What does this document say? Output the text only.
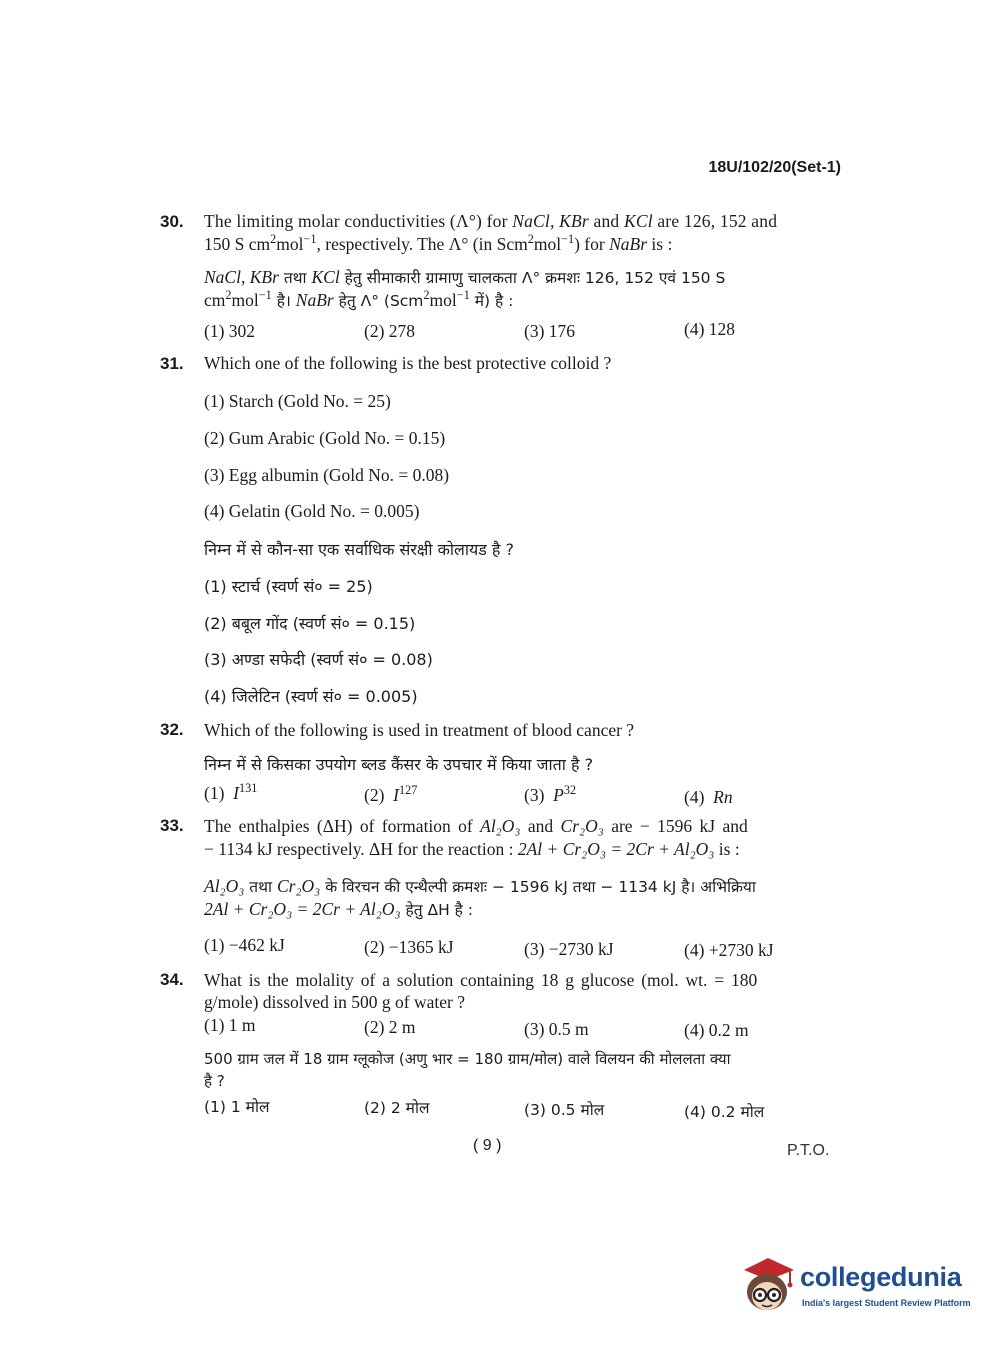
18U/102/20(Set-1)
30. The limiting molar conductivities (Λ°) for NaCl, KBr and KCl are 126, 152 and
150 S $cm^2mol^{-1}$, respectively. The Λ° (in Scm$^2$mol$^{-1}$) for NaBr is :
NaCl, KBr तथा KCl हेतु सीमाकारी ग्रामाणु चालकता Λ° क्रमशः 126, 152 एवं 150 S
$cm^2mol^{-1}$ है। NaBr हेतु Λ° (Scm$^2$mol$^{-1}$ में) है :
(1) 302	(2) 278	(3) 176	(4) 128
31. Which one of the following is the best protective colloid ?
(1) Starch (Gold No. = 25)
(2) Gum Arabic (Gold No. = 0.15)
(3) Egg albumin (Gold No. = 0.08)
(4) Gelatin (Gold No. = 0.005)
निम्न में से कौन-सा एक सर्वाधिक संरक्षी कोलायड है ?
(1) स्टार्च (स्वर्ण सं० = 25)
(2) बबूल गोंद (स्वर्ण सं० = 0.15)
(3) अण्डा सफेदी (स्वर्ण सं० = 0.08)
(4) जिलेटिन (स्वर्ण सं० = 0.005)
32. Which of the following is used in treatment of blood cancer ?
निम्न में से किसका उपयोग ब्लड कैंसर के उपचार में किया जाता है ?
(1) $I^{131}$	(2) $I^{127}$	(3) $P^{32}$	(4) Rn
33. The enthalpies (ΔH) of formation of Al₂O₃ and Cr₂O₃ are − 1596 kJ and
− 1134 kJ respectively. ΔH for the reaction : 2Al + Cr₂O₃ = 2Cr + Al₂O₃ is :
Al₂O₃ तथा Cr₂O₃ के विरचन की एन्थैल्पी क्रमशः − 1596 kJ तथा − 1134 kJ है। अभिक्रिया
2Al + Cr₂O₃ = 2Cr + Al₂O₃ हेतु ΔH है :
(1) −462 kJ	(2) −1365 kJ	(3) −2730 kJ	(4) +2730 kJ
34. What is the molality of a solution containing 18 g glucose (mol. wt. = 180
g/mole) dissolved in 500 g of water ?
(1) 1 m	(2) 2 m	(3) 0.5 m	(4) 0.2 m
500 ग्राम जल में 18 ग्राम ग्लूकोज (अणु भार = 180 ग्राम/मोल) वाले विलयन की मोललता क्या
है ?
(1) 1 मोल	(2) 2 मोल	(3) 0.5 मोल	(4) 0.2 मोल
( 9 )	P.T.O.
collegedunia
India's largest Student Review Platform
